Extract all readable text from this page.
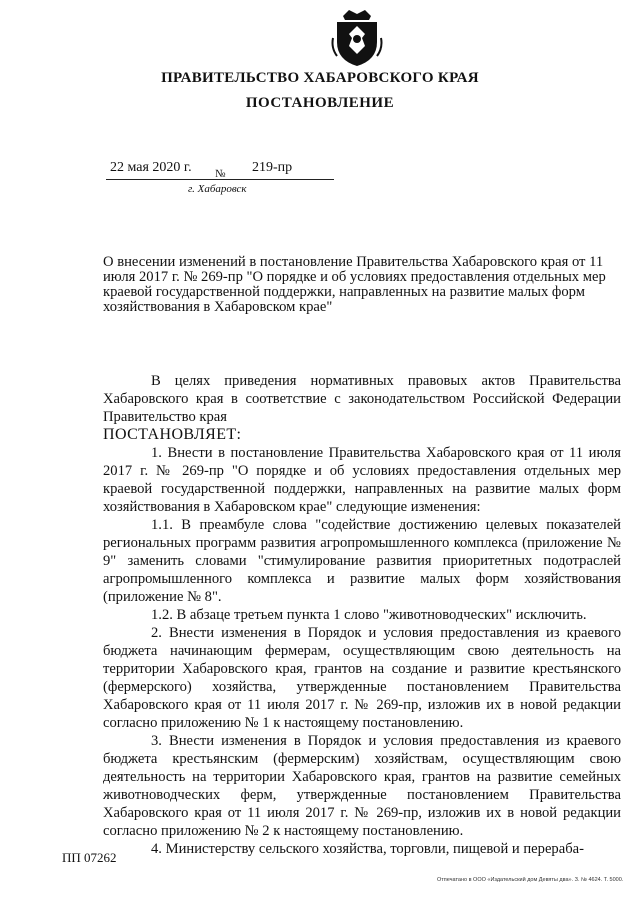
ПРАВИТЕЛЬСТВО ХАБАРОВСКОГО КРАЯ
ПОСТАНОВЛЕНИЕ
22 мая 2020 г. № 219-пр
г. Хабаровск
О внесении изменений в постановление Правительства Хабаровского края от 11 июля 2017 г. № 269-пр "О порядке и об условиях предоставления отдельных мер краевой государственной поддержки, направленных на развитие малых форм хозяйствования в Хабаровском крае"

В целях приведения нормативных правовых актов Правительства Хабаровского края в соответствие с законодательством Российской Федерации Правительство края

ПОСТАНОВЛЯЕТ:

1. Внести в постановление Правительства Хабаровского края от 11 июля 2017 г. № 269-пр "О порядке и об условиях предоставления отдельных мер краевой государственной поддержки, направленных на развитие малых форм хозяйствования в Хабаровском крае" следующие изменения:

1.1. В преамбуле слова "содействие достижению целевых показателей региональных программ развития агропромышленного комплекса (приложение № 9" заменить словами "стимулирование развития приоритетных подотраслей агропромышленного комплекса и развитие малых форм хозяйствования (приложение № 8".

1.2. В абзаце третьем пункта 1 слово "животноводческих" исключить.

2. Внести изменения в Порядок и условия предоставления из краевого бюджета начинающим фермерам, осуществляющим свою деятельность на территории Хабаровского края, грантов на создание и развитие крестьянского (фермерского) хозяйства, утвержденные постановлением Правительства Хабаровского края от 11 июля 2017 г. № 269-пр, изложив их в новой редакции согласно приложению № 1 к настоящему постановлению.

3. Внести изменения в Порядок и условия предоставления из краевого бюджета крестьянским (фермерским) хозяйствам, осуществляющим свою деятельность на территории Хабаровского края, грантов на развитие семейных животноводческих ферм, утвержденные постановлением Правительства Хабаровского края от 11 июля 2017 г. № 269-пр, изложив их в новой редакции согласно приложению № 2 к настоящему постановлению.

4. Министерству сельского хозяйства, торговли, пищевой и перераба-

ПП 07262
Отпечатано в ООО «Издательский дом Девяты два». З. № 4624. Т. 5000.
